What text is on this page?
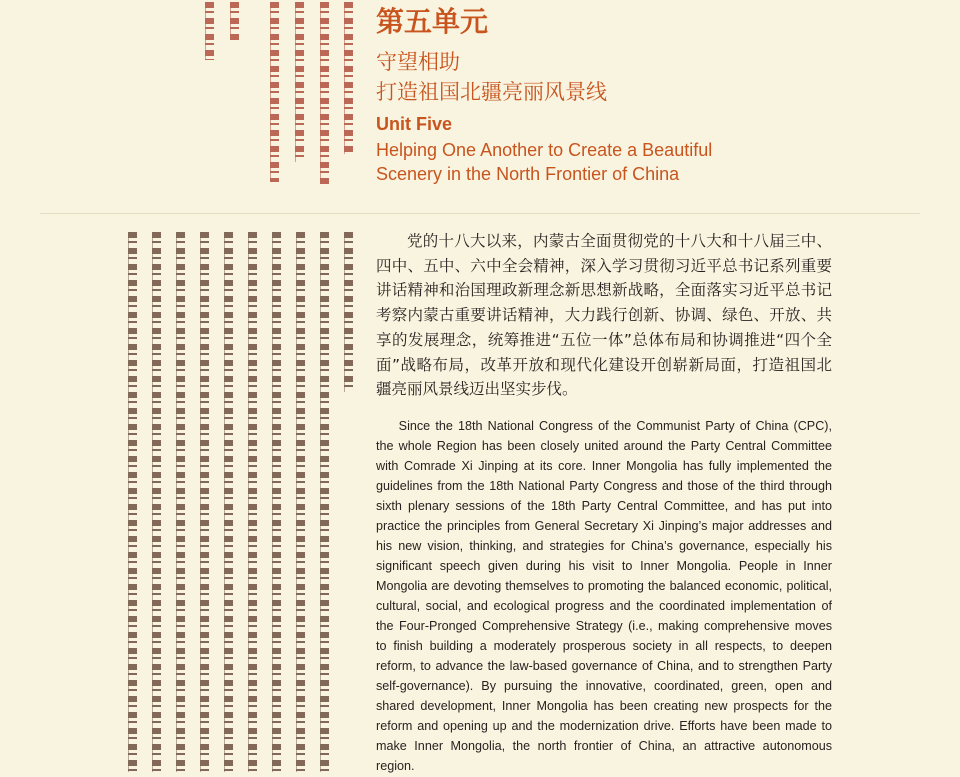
第五单元

守望相助

打造祖国北疆亮丽风景线

Unit Five

Helping One Another to Create a Beautiful

Scenery in the North Frontier of China

党的十八大以来，内蒙古全面贯彻党的十八大和十八届三中、四中、五中、六中全会精神，深入学习贯彻习近平总书记系列重要讲话精神和治国理政新理念新思想新战略，全面落实习近平总书记考察内蒙古重要讲话精神，大力践行创新、协调、绿色、开放、共享的发展理念，统筹推进“五位一体”总体布局和协调推进“四个全面”战略布局，改革开放和现代化建设开创崭新局面，打造祖国北疆亮丽风景线迈出坚实步伐。

Since the 18th National Congress of the Communist Party of China (CPC), the whole Region has been closely united around the Party Central Committee with Comrade Xi Jinping at its core. Inner Mongolia has fully implemented the guidelines from the 18th National Party Congress and those of the third through sixth plenary sessions of the 18th Party Central Committee, and has put into practice the principles from General Secretary Xi Jinping’s major addresses and his new vision, thinking, and strategies for China’s governance, especially his significant speech given during his visit to Inner Mongolia. People in Inner Mongolia are devoting themselves to promoting the balanced economic, political, cultural, social, and ecological progress and the coordinated implementation of the Four-Pronged Comprehensive Strategy (i.e., making comprehensive moves to finish building a moderately prosperous society in all respects, to deepen reform, to advance the law-based governance of China, and to strengthen Party self-governance). By pursuing the innovative, coordinated, green, open and shared development, Inner Mongolia has been creating new prospects for the reform and opening up and the modernization drive. Efforts have been made to make Inner Mongolia, the north frontier of China, an attractive autonomous region.
